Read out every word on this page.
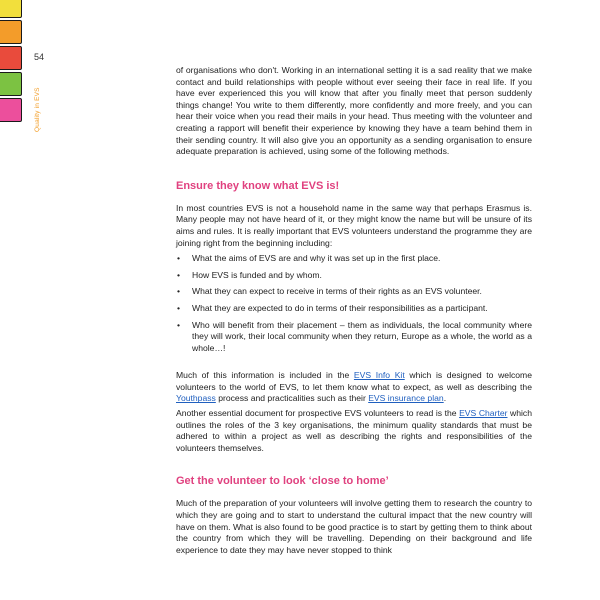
54
Quality in EVS

of organisations who don't. Working in an international setting it is a sad reality that we make contact and build relationships with people without ever seeing their face in real life. If you have ever experienced this you will know that after you finally meet that person suddenly things change! You write to them differently, more confidently and more freely, and you can hear their voice when you read their mails in your head. Thus meeting with the volunteer and creating a rapport will benefit their experience by knowing they have a team behind them in their sending country. It will also give you an opportunity as a sending organisation to ensure adequate preparation is achieved, using some of the following methods.

Ensure they know what EVS is!

In most countries EVS is not a household name in the same way that perhaps Erasmus is. Many people may not have heard of it, or they might know the name but will be unsure of its aims and rules. It is really important that EVS volunteers understand the programme they are joining right from the beginning including:

• What the aims of EVS are and why it was set up in the first place.
• How EVS is funded and by whom.
• What they can expect to receive in terms of their rights as an EVS volunteer.
• What they are expected to do in terms of their responsibilities as a participant.
• Who will benefit from their placement – them as individuals, the local community where they will work, their local community when they return, Europe as a whole, the world as a whole…!

Much of this information is included in the EVS Info Kit which is designed to welcome volunteers to the world of EVS, to let them know what to expect, as well as describing the Youthpass process and practicalities such as their EVS insurance plan.

Another essential document for prospective EVS volunteers to read is the EVS Charter which outlines the roles of the 3 key organisations, the minimum quality standards that must be adhered to within a project as well as describing the rights and responsibilities of the volunteers themselves.

Get the volunteer to look ‘close to home’

Much of the preparation of your volunteers will involve getting them to research the country to which they are going and to start to understand the cultural impact that the new country will have on them. What is also found to be good practice is to start by getting them to think about the country from which they will be travelling. Depending on their background and life experience to date they may have never stopped to think
